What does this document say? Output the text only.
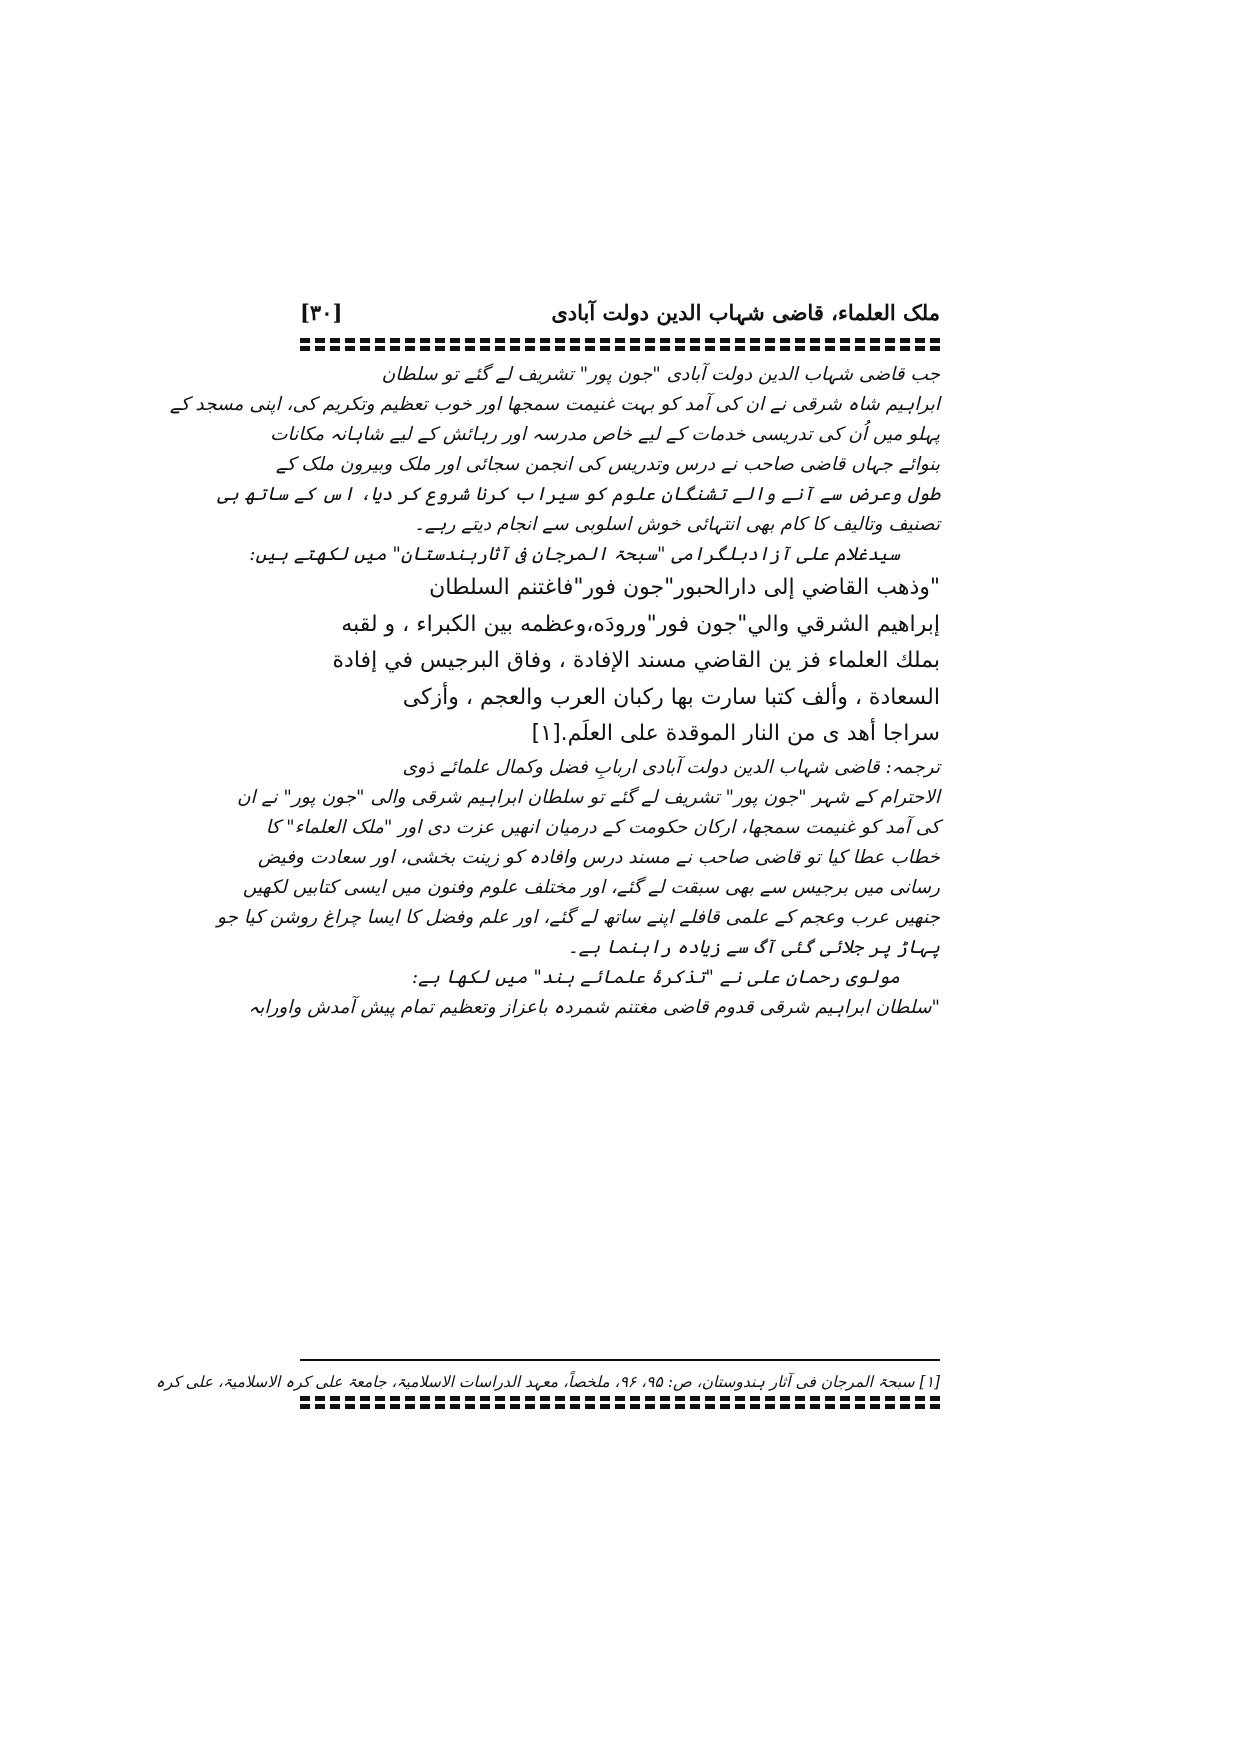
ملک العلماء، قاضی شہاب الدین دولت آبادی
[۳۰]
جب قاضی شہاب الدین دولت آبادی "جون پور" تشریف لے گئے تو سلطان
ابراہیم شاہ شرقی نے ان کی آمد کو بہت غنیمت سمجھا اور خوب تعظیم وتکریم کی، اپنی مسجد کے
پہلو میں اُن کی تدریسی خدمات کے لیے خاص مدرسہ اور رہائش کے لیے شاہانہ مکانات
بنوائے جہاں قاضی صاحب نے درس وتدریس کی انجمن سجائی اور ملک وبیرون ملک کے
طول وعرض سے آنے والے تشنگان علوم کو سیراب کرنا شروع کر دیا، اس کے ساتھ ہی
تصنیف وتالیف کا کام بھی انتہائی خوش اسلوبی سے انجام دیتے رہے۔
سیدغلام علی آزادبلگرامی "سبحۃ المرجان فی آثارہندستان" میں لکھتے ہیں:
"وذهب القاضي إلى دارالحبور"جون فور"فاغتنم السلطان
إبراهيم الشرقي والي"جون فور"ورودَه،وعظمه بين الكبراء ، و لقبه
بملك العلماء فز ين القاضي مسند الإفادة ، وفاق البرجيس في إفادة
السعادة ، وألف كتبا سارت بها ركبان العرب والعجم ، وأزكى
سراجا أهد ى من النار الموقدة على العلَم.[۱]
ترجمہ: قاضی شہاب الدین دولت آبادی اربابِ فضل وکمال علمائے ذوی
الاحترام کے شہر "جون پور" تشریف لے گئے تو سلطان ابراہیم شرقی والی "جون پور" نے ان
کی آمد کو غنیمت سمجھا، ارکان حکومت کے درمیان انھیں عزت دی اور "ملک العلماء" کا
خطاب عطا کیا تو قاضی صاحب نے مسند درس وافادہ کو زینت بخشی، اور سعادت وفیض
رسانی میں برجیس سے بھی سبقت لے گئے، اور مختلف علوم وفنون میں ایسی کتابیں لکھیں
جنھیں عرب وعجم کے علمی قافلے اپنے ساتھ لے گئے، اور علم وفضل کا ایسا چراغ روشن کیا جو
پہاڑ پر جلائی گئی آگ سے زیادہ راہنما ہے۔
مولوی رحمان علی نے "تذکرۂ علمائے ہند" میں لکھا ہے:
"سلطان ابراہیم شرقی قدوم قاضی مغتنم شمردہ باعزاز وتعظیم تمام پیش آمدش واورابہ
[۱] سبحۃ المرجان فی آثار ہندوستان، ص: ۹۵، ۹۶، ملخصاً، معہد الدراسات الاسلامیۃ، جامعۃ علی کرہ الاسلامیۃ، علی کرہ
